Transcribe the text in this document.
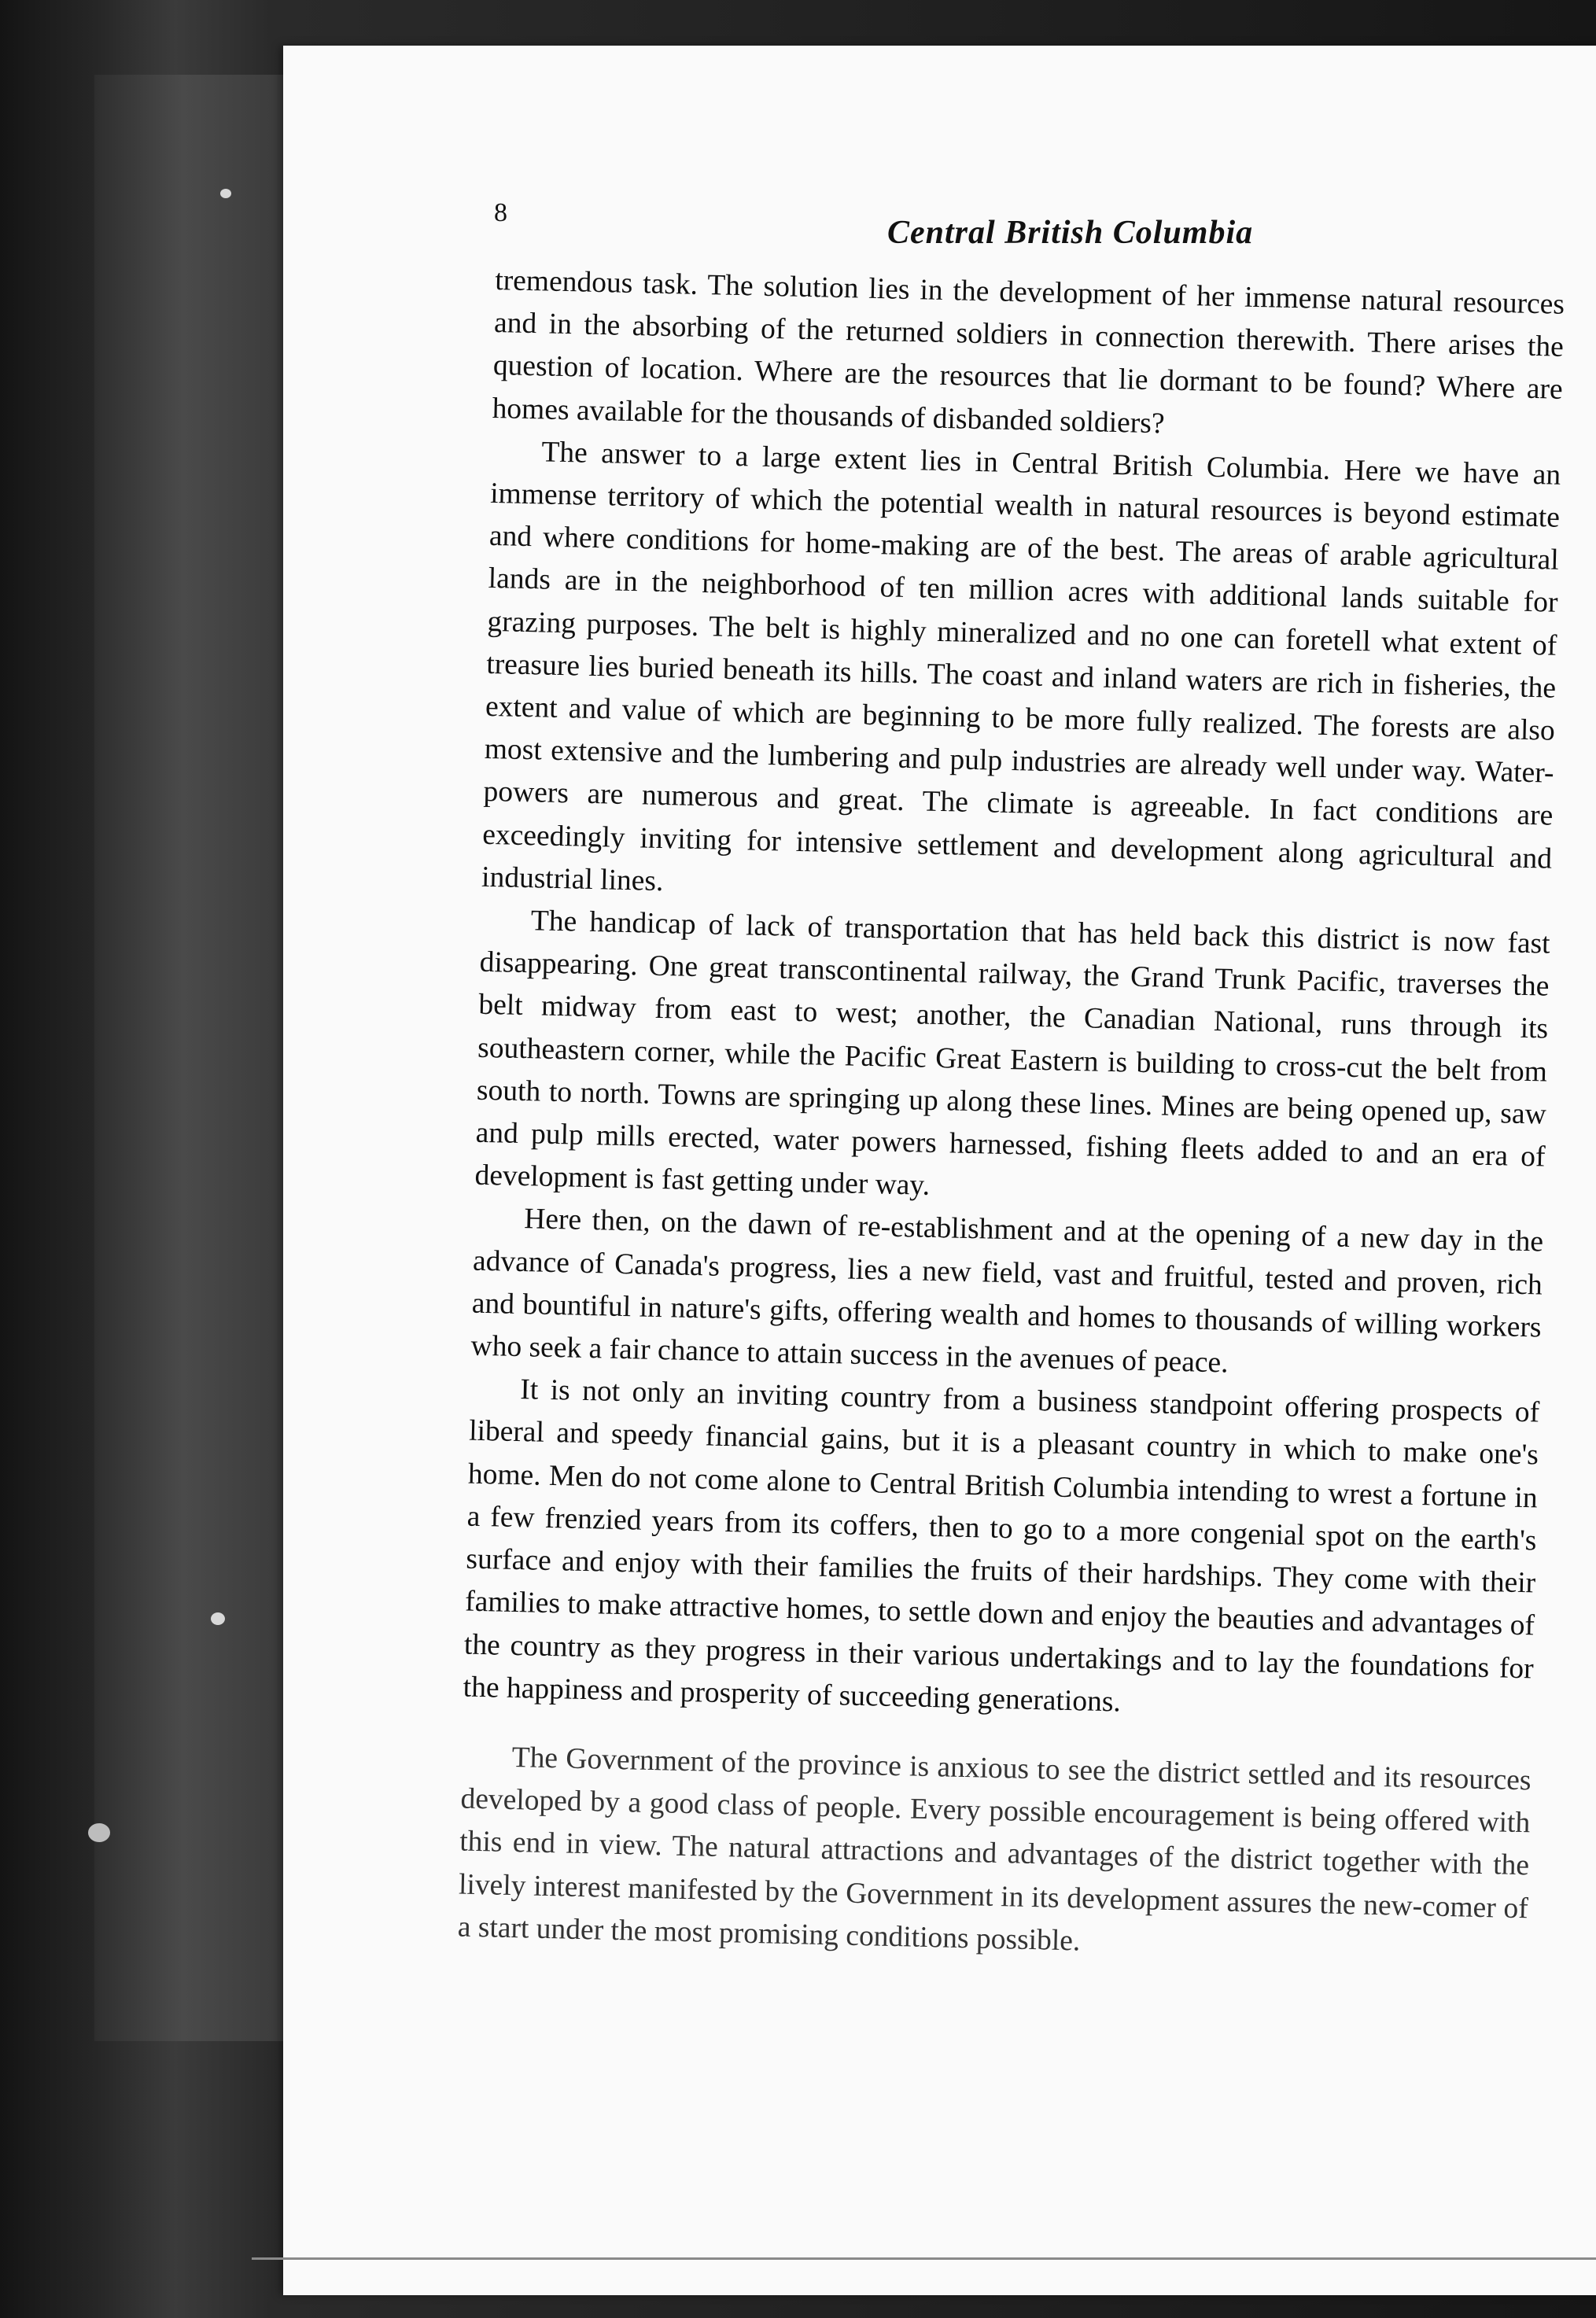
8
Central British Columbia

tremendous task. The solution lies in the development of her immense natural resources and in the absorbing of the returned soldiers in connection therewith. There arises the question of location. Where are the resources that lie dormant to be found? Where are homes available for the thousands of disbanded soldiers?

The answer to a large extent lies in Central British Columbia. Here we have an immense territory of which the potential wealth in natural resources is beyond estimate and where conditions for home-making are of the best. The areas of arable agricultural lands are in the neighborhood of ten million acres with additional lands suitable for grazing purposes. The belt is highly mineralized and no one can foretell what extent of treasure lies buried beneath its hills. The coast and inland waters are rich in fisheries, the extent and value of which are beginning to be more fully realized. The forests are also most extensive and the lumbering and pulp industries are already well under way. Water-powers are numerous and great. The climate is agreeable. In fact conditions are exceedingly inviting for intensive settlement and development along agricultural and industrial lines.

The handicap of lack of transportation that has held back this district is now fast disappearing. One great transcontinental railway, the Grand Trunk Pacific, traverses the belt midway from east to west; another, the Canadian National, runs through its southeastern corner, while the Pacific Great Eastern is building to cross-cut the belt from south to north. Towns are springing up along these lines. Mines are being opened up, saw and pulp mills erected, water powers harnessed, fishing fleets added to and an era of development is fast getting under way.

Here then, on the dawn of re-establishment and at the opening of a new day in the advance of Canada's progress, lies a new field, vast and fruitful, tested and proven, rich and bountiful in nature's gifts, offering wealth and homes to thousands of willing workers who seek a fair chance to attain success in the avenues of peace.

It is not only an inviting country from a business standpoint offering prospects of liberal and speedy financial gains, but it is a pleasant country in which to make one's home. Men do not come alone to Central British Columbia intending to wrest a fortune in a few frenzied years from its coffers, then to go to a more congenial spot on the earth's surface and enjoy with their families the fruits of their hardships. They come with their families to make attractive homes, to settle down and enjoy the beauties and advantages of the country as they progress in their various undertakings and to lay the foundations for the happiness and prosperity of succeeding generations.

The Government of the province is anxious to see the district settled and its resources developed by a good class of people. Every possible encouragement is being offered with this end in view. The natural attractions and advantages of the district together with the lively interest manifested by the Government in its development assures the new-comer of a start under the most promising conditions possible.
